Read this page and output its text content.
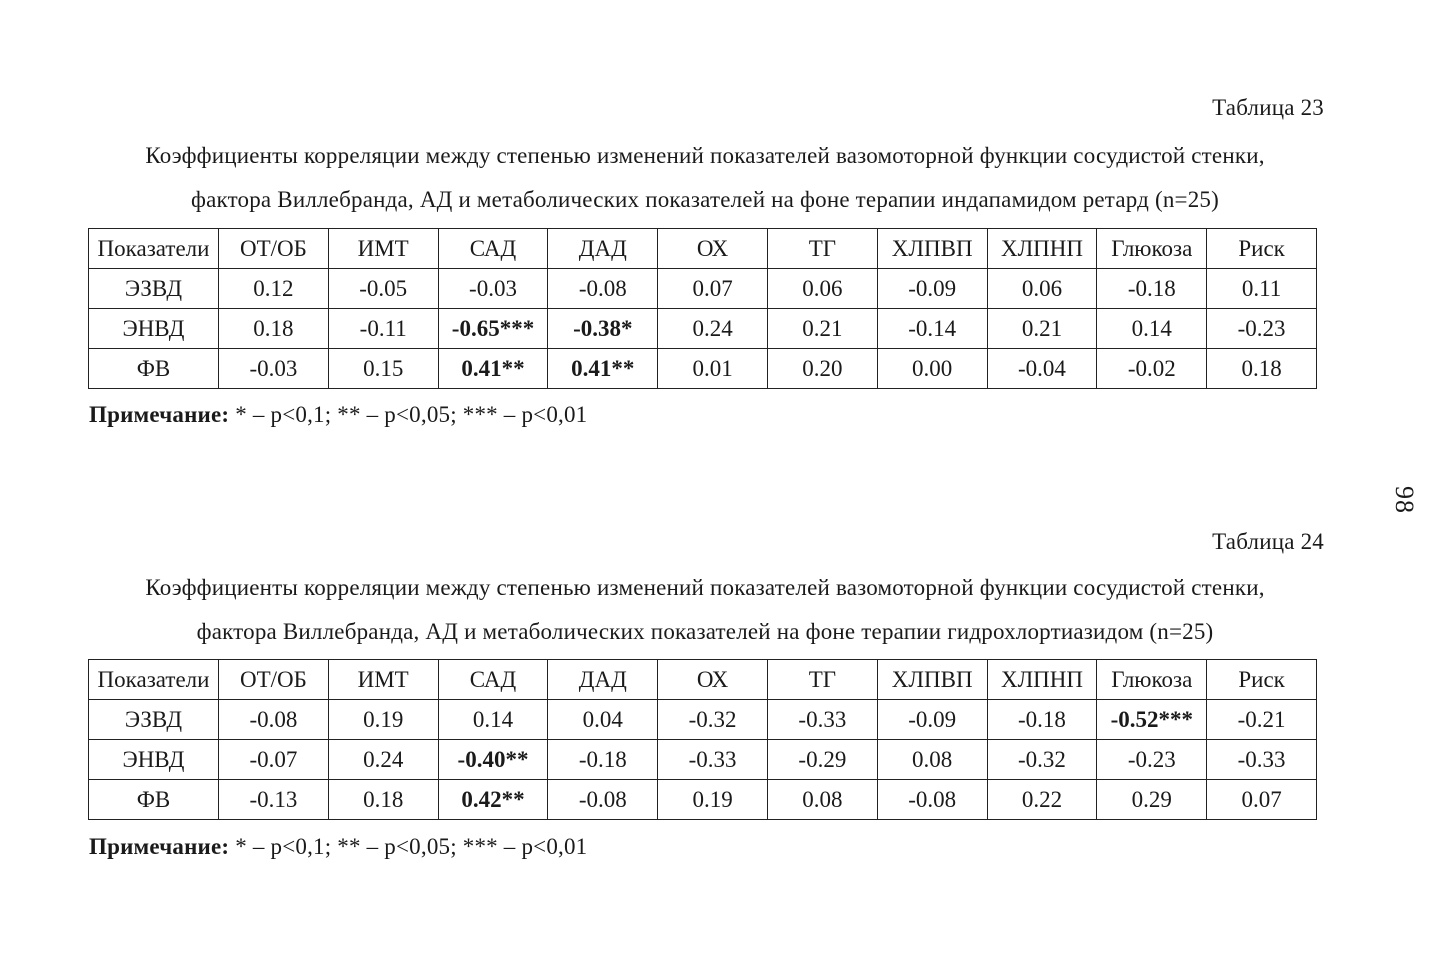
Таблица 23
Коэффициенты корреляции между степенью изменений показателей вазомоторной функции сосудистой стенки,
фактора Виллебранда, АД и метаболических показателей на фоне терапии индапамидом ретард (n=25)
Показатели	ОТ/ОБ	ИМТ	САД	ДАД	ОХ	ТГ	ХЛПВП	ХЛПНП	Глюкоза	Риск
ЭЗВД	0.12	-0.05	-0.03	-0.08	0.07	0.06	-0.09	0.06	-0.18	0.11
ЭНВД	0.18	-0.11	-0.65***	-0.38*	0.24	0.21	-0.14	0.21	0.14	-0.23
ФВ	-0.03	0.15	0.41**	0.41**	0.01	0.20	0.00	-0.04	-0.02	0.18
Примечание: * – p<0,1; ** – p<0,05; *** – p<0,01
Таблица 24
Коэффициенты корреляции между степенью изменений показателей вазомоторной функции сосудистой стенки,
фактора Виллебранда, АД и метаболических показателей на фоне терапии гидрохлортиазидом (n=25)
Показатели	ОТ/ОБ	ИМТ	САД	ДАД	ОХ	ТГ	ХЛПВП	ХЛПНП	Глюкоза	Риск
ЭЗВД	-0.08	0.19	0.14	0.04	-0.32	-0.33	-0.09	-0.18	-0.52***	-0.21
ЭНВД	-0.07	0.24	-0.40**	-0.18	-0.33	-0.29	0.08	-0.32	-0.23	-0.33
ФВ	-0.13	0.18	0.42**	-0.08	0.19	0.08	-0.08	0.22	0.29	0.07
Примечание: * – p<0,1; ** – p<0,05; *** – p<0,01
98
